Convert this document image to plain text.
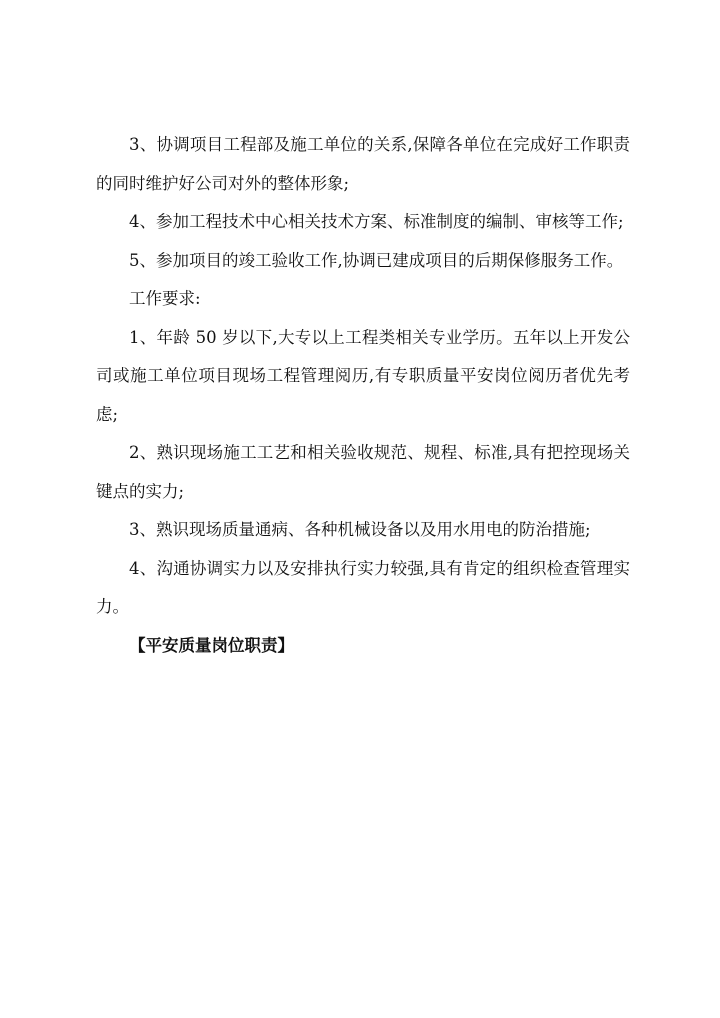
3、协调项目工程部及施工单位的关系,保障各单位在完成好工作职责的同时维护好公司对外的整体形象;

4、参加工程技术中心相关技术方案、标准制度的编制、审核等工作;

5、参加项目的竣工验收工作,协调已建成项目的后期保修服务工作。

工作要求:

1、年龄 50 岁以下,大专以上工程类相关专业学历。五年以上开发公司或施工单位项目现场工程管理阅历,有专职质量平安岗位阅历者优先考虑;

2、熟识现场施工工艺和相关验收规范、规程、标准,具有把控现场关键点的实力;

3、熟识现场质量通病、各种机械设备以及用水用电的防治措施;

4、沟通协调实力以及安排执行实力较强,具有肯定的组织检查管理实力。

【平安质量岗位职责】
